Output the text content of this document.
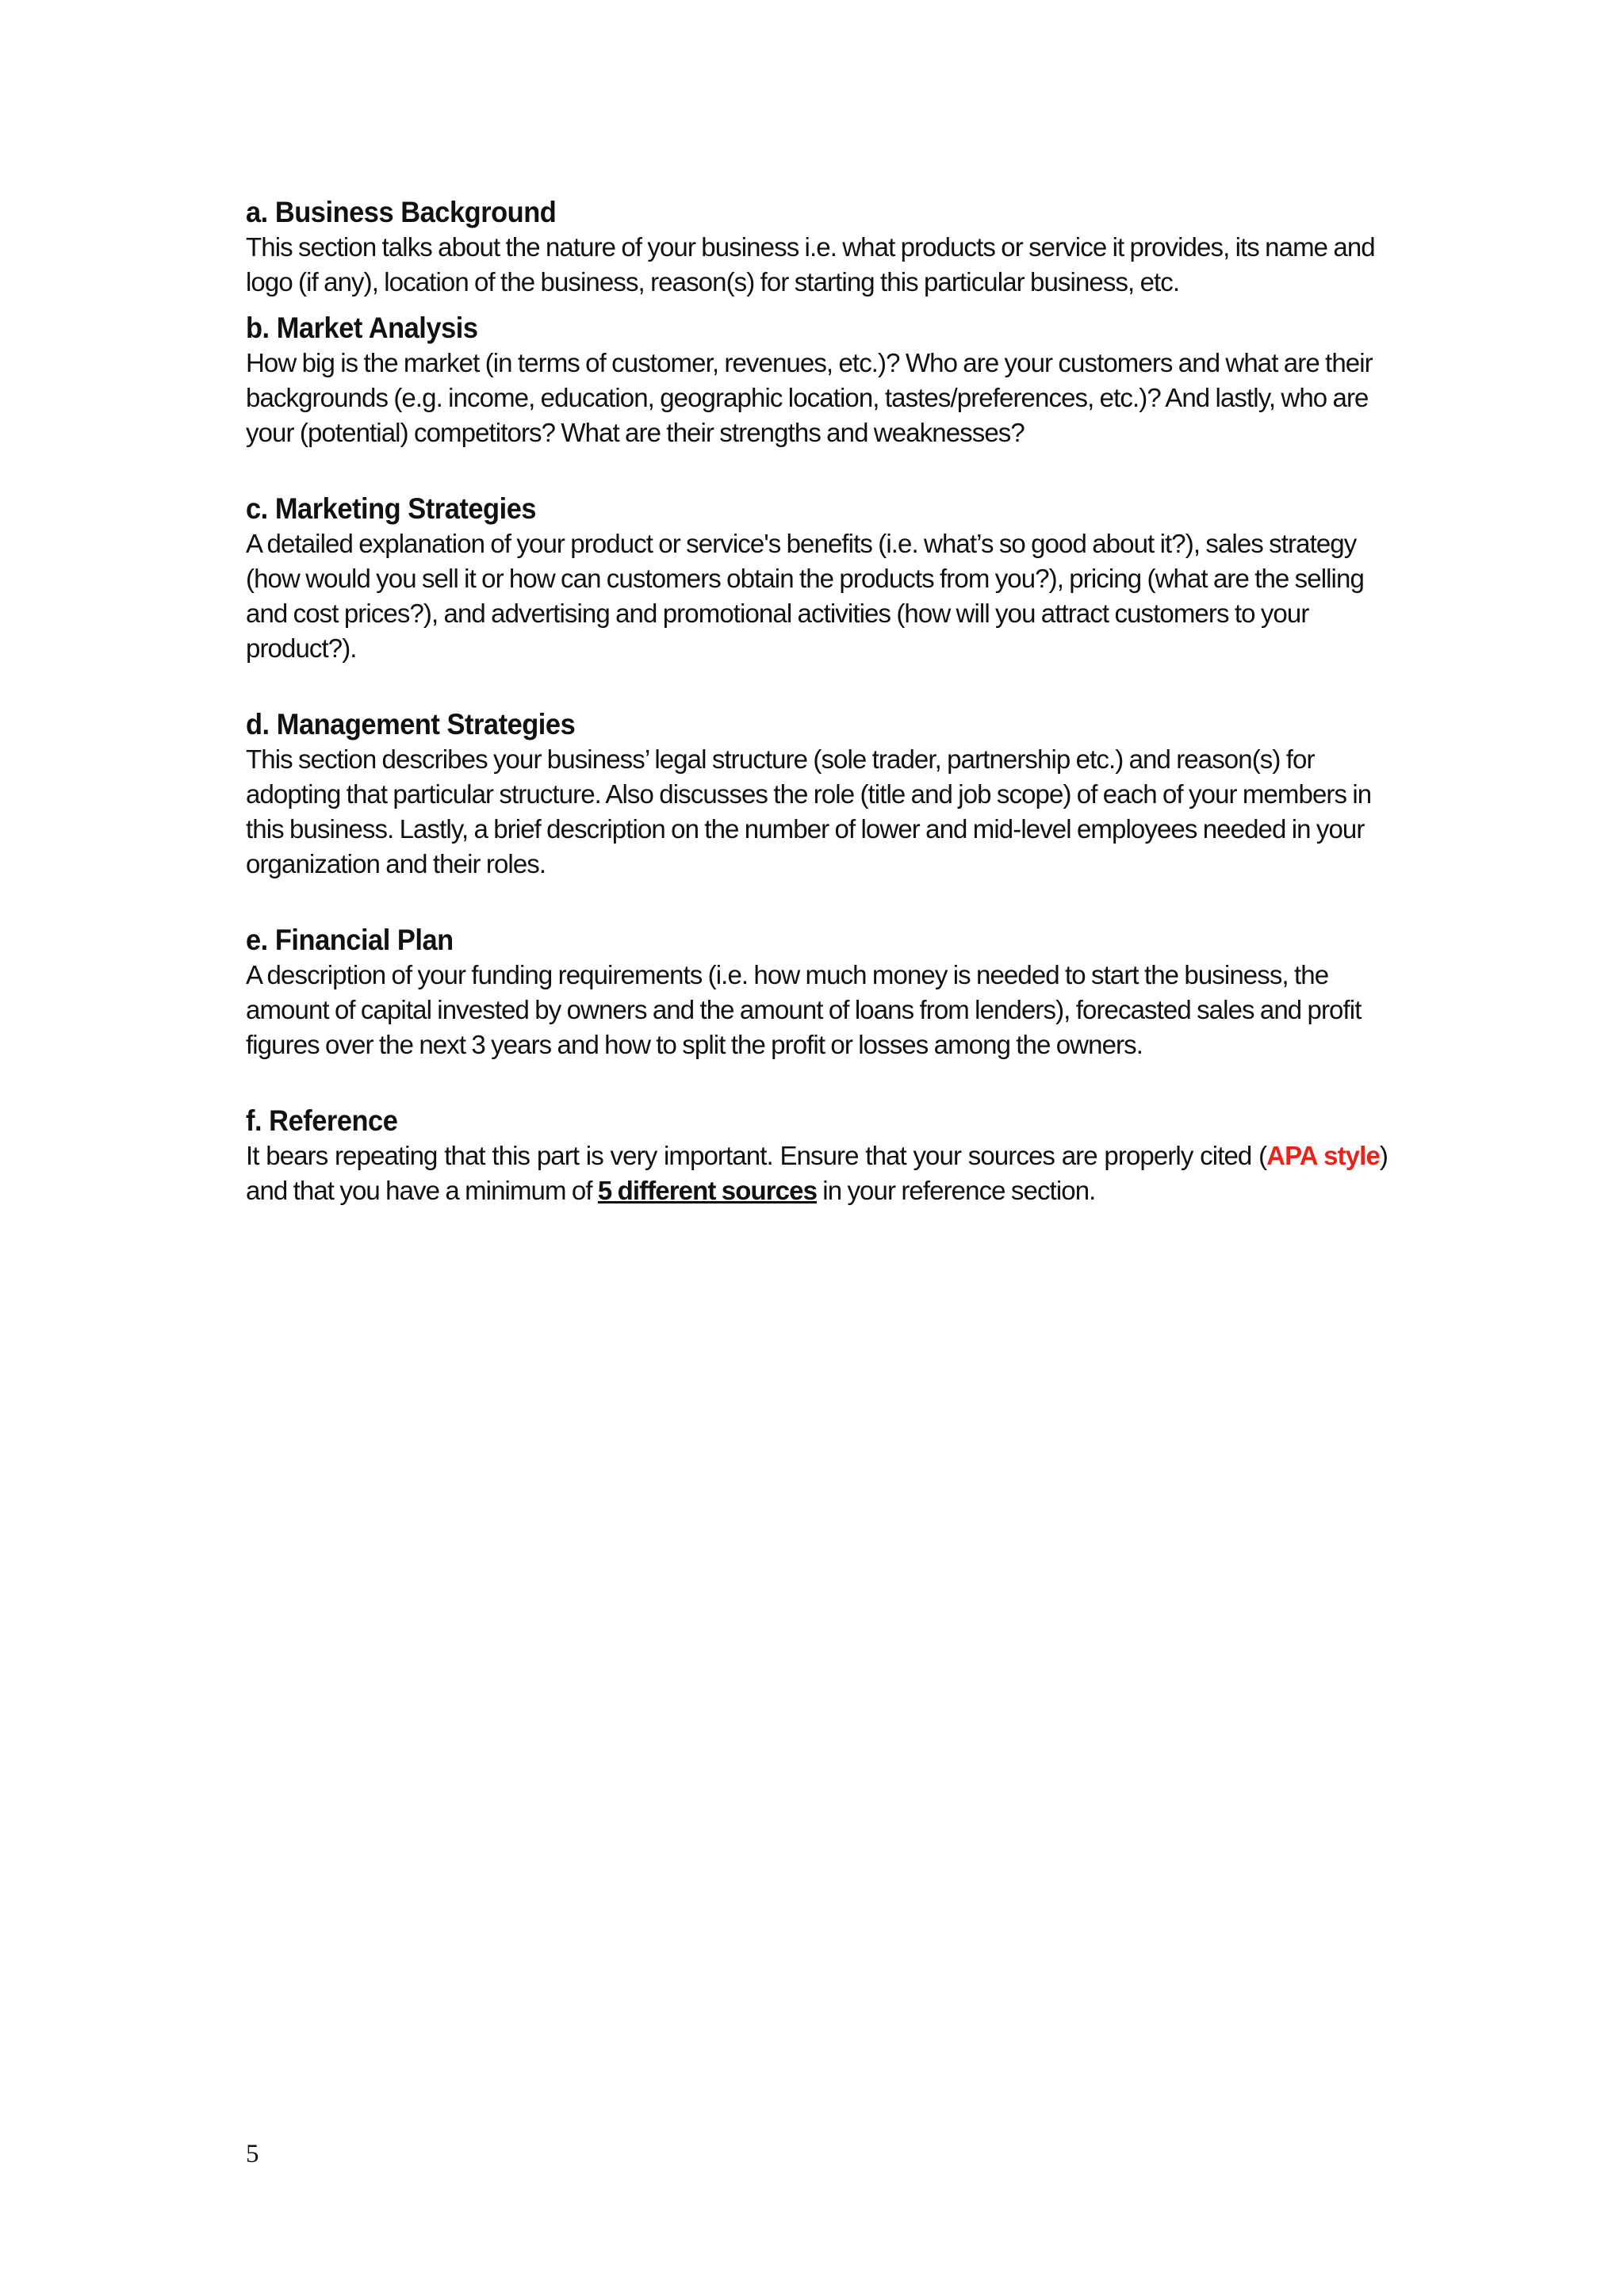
a. Business Background

This section talks about the nature of your business i.e. what products or service it provides, its name and logo (if any), location of the business, reason(s) for starting this particular business, etc.

b. Market Analysis

How big is the market (in terms of customer, revenues, etc.)? Who are your customers and what are their backgrounds (e.g. income, education, geographic location, tastes/preferences, etc.)? And lastly, who are your (potential) competitors? What are their strengths and weaknesses?

c. Marketing Strategies

A detailed explanation of your product or service's benefits (i.e. what’s so good about it?), sales strategy (how would you sell it or how can customers obtain the products from you?), pricing (what are the selling and cost prices?), and advertising and promotional activities (how will you attract customers to your product?).

d. Management Strategies

This section describes your business’ legal structure (sole trader, partnership etc.) and reason(s) for adopting that particular structure. Also discusses the role (title and job scope) of each of your members in this business. Lastly, a brief description on the number of lower and mid-level employees needed in your organization and their roles.

e. Financial Plan

A description of your funding requirements (i.e. how much money is needed to start the business, the amount of capital invested by owners and the amount of loans from lenders), forecasted sales and profit figures over the next 3 years and how to split the profit or losses among the owners.

f. Reference

It bears repeating that this part is very important. Ensure that your sources are properly cited (APA style) and that you have a minimum of 5 different sources in your reference section.

5
